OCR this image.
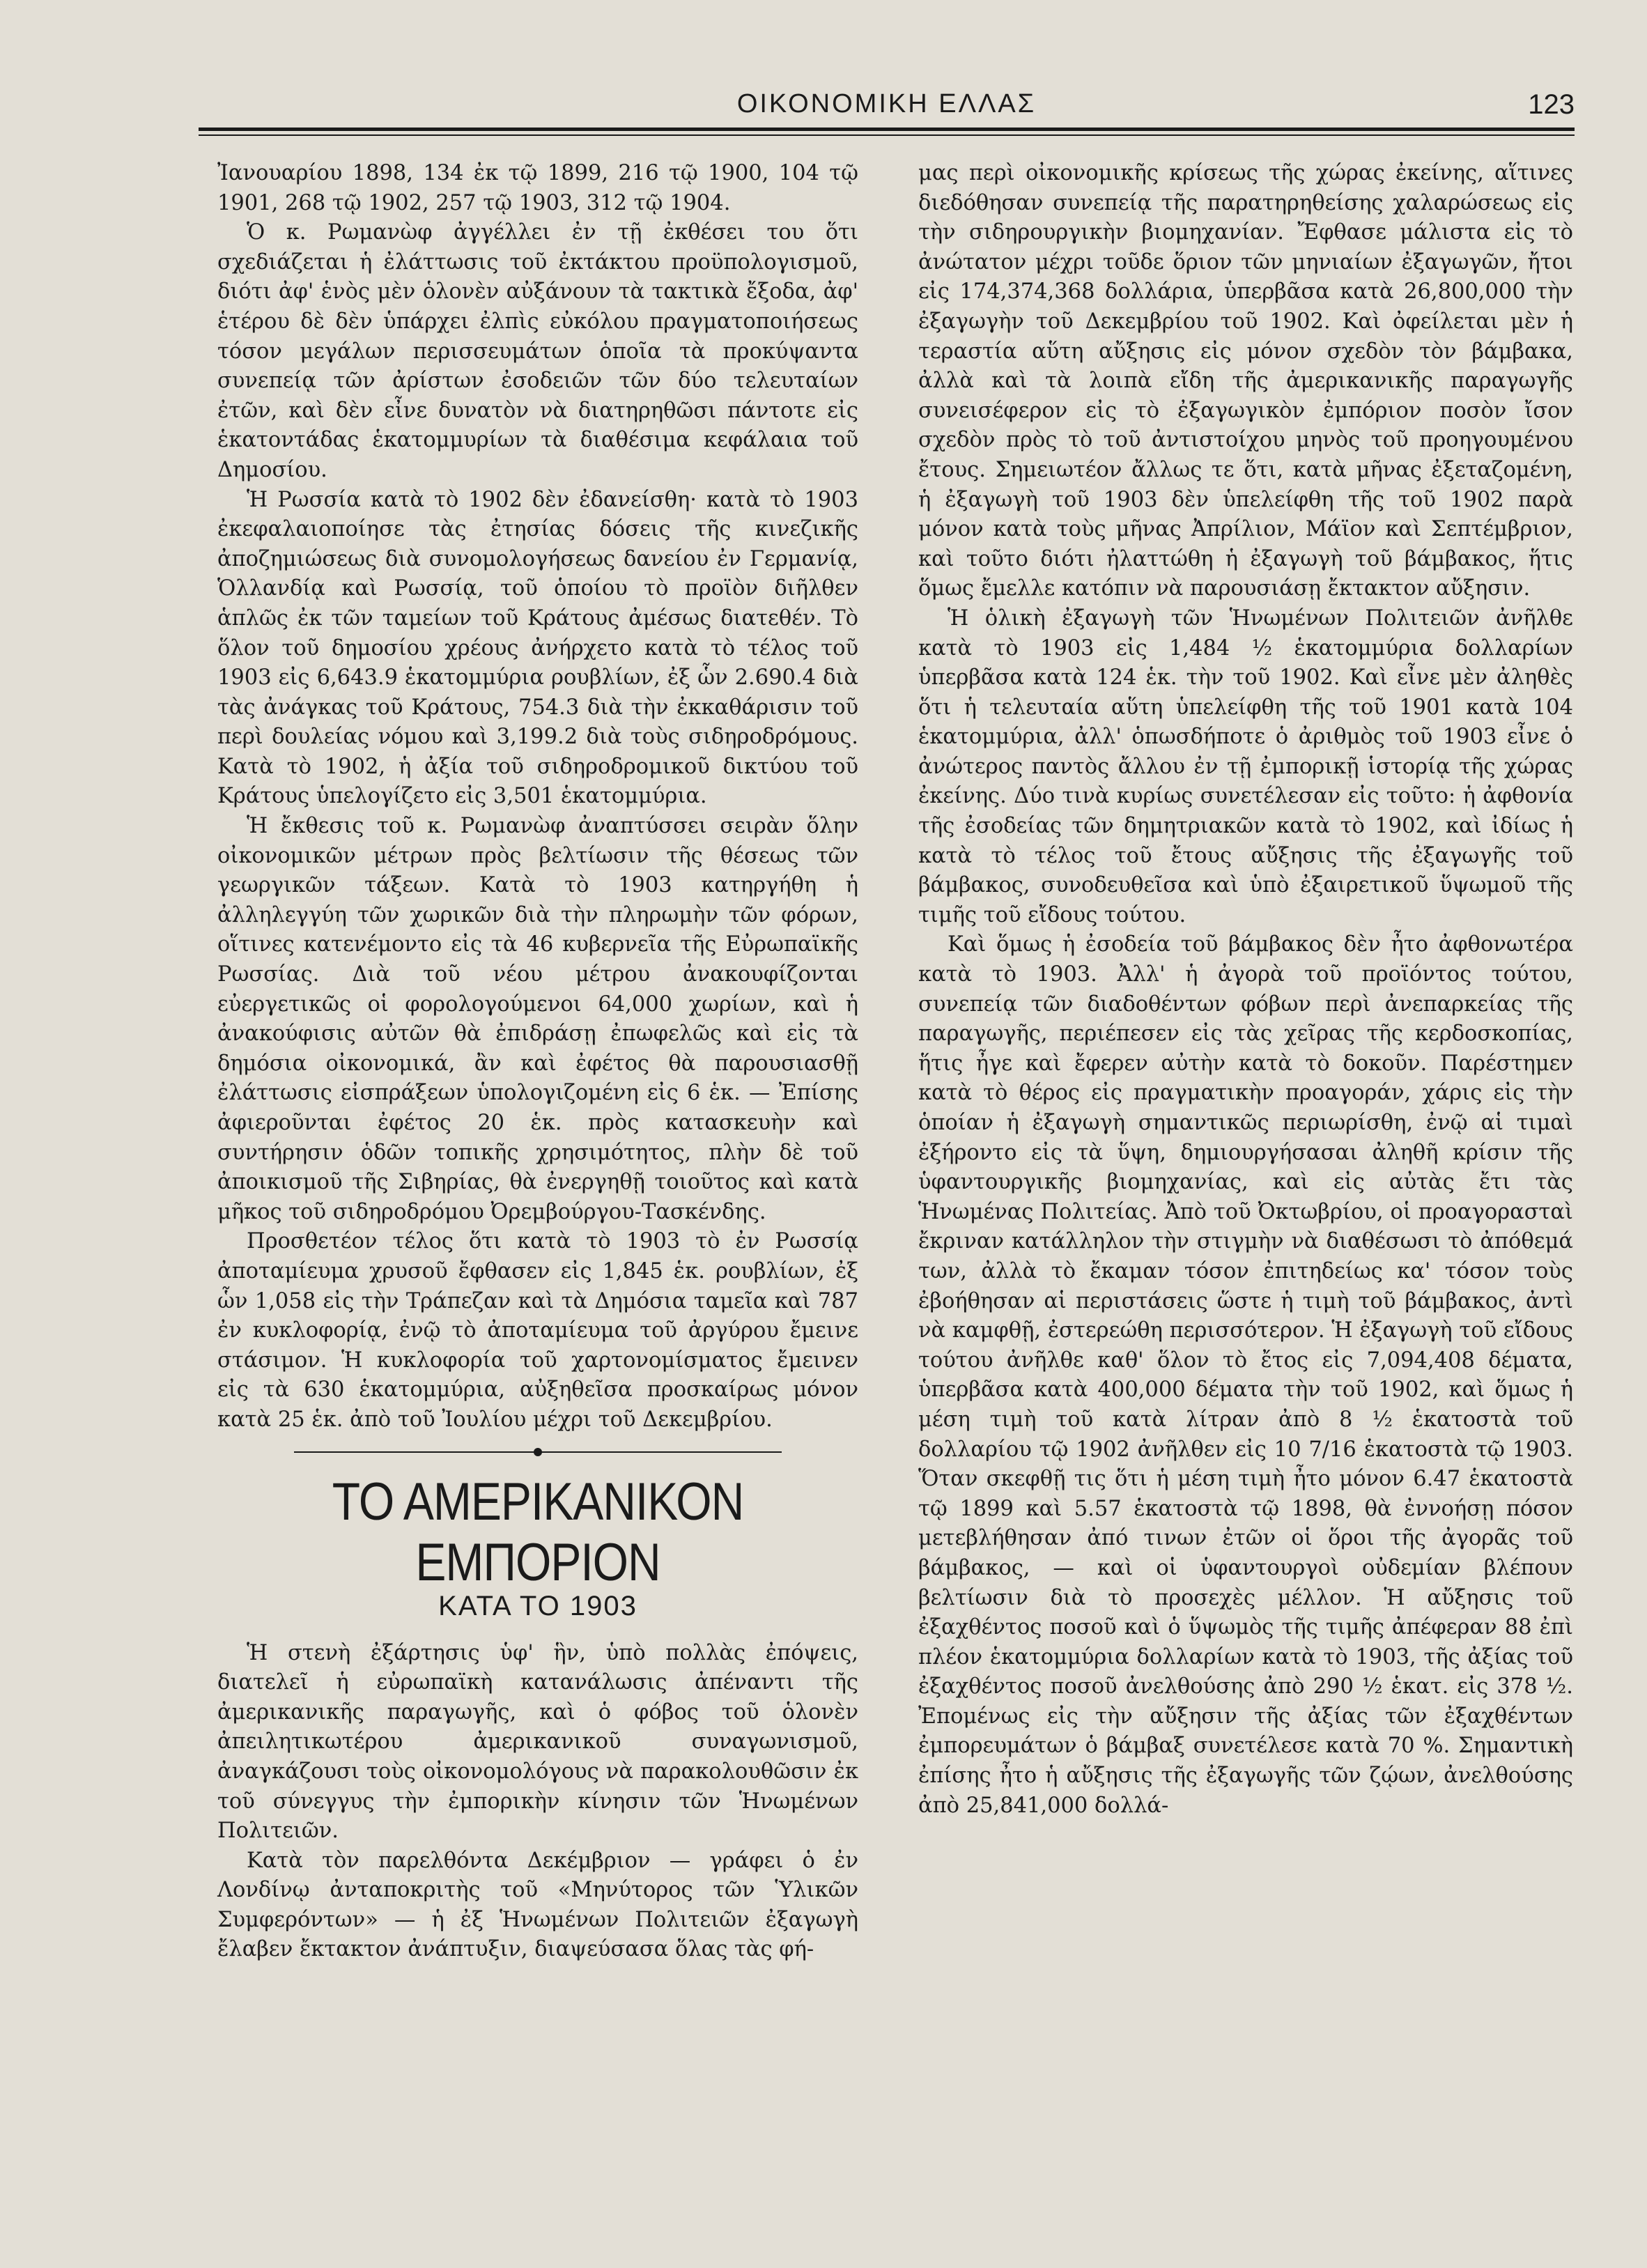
ΟΙΚΟΝΟΜΙΚΗ ΕΛΛΑΣ	123

Ἰανουαρίου 1898, 134 ἐκ τῷ 1899, 216 τῷ 1900, 104 τῷ 1901, 268 τῷ 1902, 257 τῷ 1903, 312 τῷ 1904.

Ὁ κ. Ρωμανὼφ ἀγγέλλει ἐν τῇ ἐκθέσει του ὅτι σχεδιάζεται ἡ ἐλάττωσις τοῦ ἐκτάκτου προϋπολογισμοῦ, διότι ἀφ' ἑνὸς μὲν ὁλονὲν αὐξάνουν τὰ τακτικὰ ἔξοδα, ἀφ' ἑτέρου δὲ δὲν ὑπάρχει ἐλπὶς εὐκόλου πραγματοποιήσεως τόσον μεγάλων περισσευμάτων ὁποῖα τὰ προκύψαντα συνεπείᾳ τῶν ἀρίστων ἐσοδειῶν τῶν δύο τελευταίων ἐτῶν, καὶ δὲν εἶνε δυνατὸν νὰ διατηρηθῶσι πάντοτε εἰς ἑκατοντάδας ἑκατομμυρίων τὰ διαθέσιμα κεφάλαια τοῦ Δημοσίου.

Ἡ Ρωσσία κατὰ τὸ 1902 δὲν ἐδανείσθη· κατὰ τὸ 1903 ἐκεφαλαιοποίησε τὰς ἐτησίας δόσεις τῆς κινεζικῆς ἀποζημιώσεως διὰ συνομολογήσεως δανείου ἐν Γερμανίᾳ, Ὁλλανδίᾳ καὶ Ρωσσίᾳ, τοῦ ὁποίου τὸ προϊὸν διῆλθεν ἁπλῶς ἐκ τῶν ταμείων τοῦ Κράτους ἀμέσως διατεθέν. Τὸ ὅλον τοῦ δημοσίου χρέους ἀνήρχετο κατὰ τὸ τέλος τοῦ 1903 εἰς 6,643.9 ἑκατομμύρια ρουβλίων, ἐξ ὧν 2.690.4 διὰ τὰς ἀνάγκας τοῦ Κράτους, 754.3 διὰ τὴν ἐκκαθάρισιν τοῦ περὶ δουλείας νόμου καὶ 3,199.2 διὰ τοὺς σιδηροδρόμους. Κατὰ τὸ 1902, ἡ ἀξία τοῦ σιδηροδρομικοῦ δικτύου τοῦ Κράτους ὑπελογίζετο εἰς 3,501 ἑκατομμύρια.

Ἡ ἔκθεσις τοῦ κ. Ρωμανὼφ ἀναπτύσσει σειρὰν ὅλην οἰκονομικῶν μέτρων πρὸς βελτίωσιν τῆς θέσεως τῶν γεωργικῶν τάξεων. Κατὰ τὸ 1903 κατηργήθη ἡ ἀλληλεγγύη τῶν χωρικῶν διὰ τὴν πληρωμὴν τῶν φόρων, οἵτινες κατενέμοντο εἰς τὰ 46 κυβερνεῖα τῆς Εὐρωπαϊκῆς Ρωσσίας. Διὰ τοῦ νέου μέτρου ἀνακουφίζονται εὐεργετικῶς οἱ φορολογούμενοι 64,000 χωρίων, καὶ ἡ ἀνακούφισις αὐτῶν θὰ ἐπιδράσῃ ἐπωφελῶς καὶ εἰς τὰ δημόσια οἰκονομικά, ἂν καὶ ἐφέτος θὰ παρουσιασθῇ ἐλάττωσις εἰσπράξεων ὑπολογιζομένη εἰς 6 ἑκ. — Ἐπίσης ἀφιεροῦνται ἐφέτος 20 ἑκ. πρὸς κατασκευὴν καὶ συντήρησιν ὁδῶν τοπικῆς χρησιμότητος, πλὴν δὲ τοῦ ἀποικισμοῦ τῆς Σιβηρίας, θὰ ἐνεργηθῇ τοιοῦτος καὶ κατὰ μῆκος τοῦ σιδηροδρόμου Ὀρεμβούργου-Τασκένδης.

Προσθετέον τέλος ὅτι κατὰ τὸ 1903 τὸ ἐν Ρωσσίᾳ ἀποταμίευμα χρυσοῦ ἔφθασεν εἰς 1,845 ἑκ. ρουβλίων, ἐξ ὧν 1,058 εἰς τὴν Τράπεζαν καὶ τὰ Δημόσια ταμεῖα καὶ 787 ἐν κυκλοφορίᾳ, ἐνῷ τὸ ἀποταμίευμα τοῦ ἀργύρου ἔμεινε στάσιμον. Ἡ κυκλοφορία τοῦ χαρτονομίσματος ἔμεινεν εἰς τὰ 630 ἑκατομμύρια, αὐξηθεῖσα προσκαίρως μόνον κατὰ 25 ἑκ. ἀπὸ τοῦ Ἰουλίου μέχρι τοῦ Δεκεμβρίου.

ΤΟ ΑΜΕΡΙΚΑΝΙΚΟΝ ΕΜΠΟΡΙΟΝ
ΚΑΤΑ ΤΟ 1903

Ἡ στενὴ ἐξάρτησις ὑφ' ἣν, ὑπὸ πολλὰς ἐπόψεις, διατελεῖ ἡ εὐρωπαϊκὴ κατανάλωσις ἀπέναντι τῆς ἀμερικανικῆς παραγωγῆς, καὶ ὁ φόβος τοῦ ὁλονὲν ἀπειλητικωτέρου ἀμερικανικοῦ συναγωνισμοῦ, ἀναγκάζουσι τοὺς οἰκονομολόγους νὰ παρακολουθῶσιν ἐκ τοῦ σύνεγγυς τὴν ἐμπορικὴν κίνησιν τῶν Ἡνωμένων Πολιτειῶν.

Κατὰ τὸν παρελθόντα Δεκέμβριον — γράφει ὁ ἐν Λονδίνῳ ἀνταποκριτὴς τοῦ «Μηνύτορος τῶν Ὑλικῶν Συμφερόντων» — ἡ ἐξ Ἡνωμένων Πολιτειῶν ἐξαγωγὴ ἔλαβεν ἔκτακτον ἀνάπτυξιν, διαψεύσασα ὅλας τὰς φή-

μας περὶ οἰκονομικῆς κρίσεως τῆς χώρας ἐκείνης, αἵτινες διεδόθησαν συνεπείᾳ τῆς παρατηρηθείσης χαλαρώσεως εἰς τὴν σιδηρουργικὴν βιομηχανίαν. Ἔφθασε μάλιστα εἰς τὸ ἀνώτατον μέχρι τοῦδε ὅριον τῶν μηνιαίων ἐξαγωγῶν, ἤτοι εἰς 174,374,368 δολλάρια, ὑπερβᾶσα κατὰ 26,800,000 τὴν ἐξαγωγὴν τοῦ Δεκεμβρίου τοῦ 1902. Καὶ ὀφείλεται μὲν ἡ τεραστία αὕτη αὔξησις εἰς μόνον σχεδὸν τὸν βάμβακα, ἀλλὰ καὶ τὰ λοιπὰ εἴδη τῆς ἀμερικανικῆς παραγωγῆς συνεισέφερον εἰς τὸ ἐξαγωγικὸν ἐμπόριον ποσὸν ἴσον σχεδὸν πρὸς τὸ τοῦ ἀντιστοίχου μηνὸς τοῦ προηγουμένου ἔτους. Σημειωτέον ἄλλως τε ὅτι, κατὰ μῆνας ἐξεταζομένη, ἡ ἐξαγωγὴ τοῦ 1903 δὲν ὑπελείφθη τῆς τοῦ 1902 παρὰ μόνον κατὰ τοὺς μῆνας Ἀπρίλιον, Μάϊον καὶ Σεπτέμβριον, καὶ τοῦτο διότι ἠλαττώθη ἡ ἐξαγωγὴ τοῦ βάμβακος, ἥτις ὅμως ἔμελλε κατόπιν νὰ παρουσιάσῃ ἔκτακτον αὔξησιν.

Ἡ ὁλικὴ ἐξαγωγὴ τῶν Ἡνωμένων Πολιτειῶν ἀνῆλθε κατὰ τὸ 1903 εἰς 1,484 ½ ἑκατομμύρια δολλαρίων ὑπερβᾶσα κατὰ 124 ἑκ. τὴν τοῦ 1902. Καὶ εἶνε μὲν ἀληθὲς ὅτι ἡ τελευταία αὕτη ὑπελείφθη τῆς τοῦ 1901 κατὰ 104 ἑκατομμύρια, ἀλλ' ὁπωσδήποτε ὁ ἀριθμὸς τοῦ 1903 εἶνε ὁ ἀνώτερος παντὸς ἄλλου ἐν τῇ ἐμπορικῇ ἱστορίᾳ τῆς χώρας ἐκείνης. Δύο τινὰ κυρίως συνετέλεσαν εἰς τοῦτο: ἡ ἀφθονία τῆς ἐσοδείας τῶν δημητριακῶν κατὰ τὸ 1902, καὶ ἰδίως ἡ κατὰ τὸ τέλος τοῦ ἔτους αὔξησις τῆς ἐξαγωγῆς τοῦ βάμβακος, συνοδευθεῖσα καὶ ὑπὸ ἐξαιρετικοῦ ὕψωμοῦ τῆς τιμῆς τοῦ εἴδους τούτου.

Καὶ ὅμως ἡ ἐσοδεία τοῦ βάμβακος δὲν ἦτο ἀφθονωτέρα κατὰ τὸ 1903. Ἀλλ' ἡ ἀγορὰ τοῦ προϊόντος τούτου, συνεπείᾳ τῶν διαδοθέντων φόβων περὶ ἀνεπαρκείας τῆς παραγωγῆς, περιέπεσεν εἰς τὰς χεῖρας τῆς κερδοσκοπίας, ἥτις ἦγε καὶ ἔφερεν αὐτὴν κατὰ τὸ δοκοῦν. Παρέστημεν κατὰ τὸ θέρος εἰς πραγματικὴν προαγοράν, χάρις εἰς τὴν ὁποίαν ἡ ἐξαγωγὴ σημαντικῶς περιωρίσθη, ἐνῷ αἱ τιμαὶ ἐξήροντο εἰς τὰ ὕψη, δημιουργήσασαι ἀληθῆ κρίσιν τῆς ὑφαντουργικῆς βιομηχανίας, καὶ εἰς αὐτὰς ἔτι τὰς Ἡνωμένας Πολιτείας. Ἀπὸ τοῦ Ὀκτωβρίου, οἱ προαγορασταὶ ἔκριναν κατάλληλον τὴν στιγμὴν νὰ διαθέσωσι τὸ ἀπόθεμά των, ἀλλὰ τὸ ἔκαμαν τόσον ἐπιτηδείως κα' τόσον τοὺς ἐβοήθησαν αἱ περιστάσεις ὥστε ἡ τιμὴ τοῦ βάμβακος, ἀντὶ νὰ καμφθῇ, ἐστερεώθη περισσότερον. Ἡ ἐξαγωγὴ τοῦ εἴδους τούτου ἀνῆλθε καθ' ὅλον τὸ ἔτος εἰς 7,094,408 δέματα, ὑπερβᾶσα κατὰ 400,000 δέματα τὴν τοῦ 1902, καὶ ὅμως ἡ μέση τιμὴ τοῦ κατὰ λίτραν ἀπὸ 8 ½ ἑκατοστὰ τοῦ δολλαρίου τῷ 1902 ἀνῆλθεν εἰς 10 7/16 ἑκατοστὰ τῷ 1903. Ὅταν σκεφθῇ τις ὅτι ἡ μέση τιμὴ ἦτο μόνον 6.47 ἑκατοστὰ τῷ 1899 καὶ 5.57 ἑκατοστὰ τῷ 1898, θὰ ἐννοήσῃ πόσον μετεβλήθησαν ἀπό τινων ἐτῶν οἱ ὅροι τῆς ἀγορᾶς τοῦ βάμβακος, — καὶ οἱ ὑφαντουργοὶ οὐδεμίαν βλέπουν βελτίωσιν διὰ τὸ προσεχὲς μέλλον. Ἡ αὔξησις τοῦ ἐξαχθέντος ποσοῦ καὶ ὁ ὕψωμὸς τῆς τιμῆς ἀπέφεραν 88 ἐπὶ πλέον ἑκατομμύρια δολλαρίων κατὰ τὸ 1903, τῆς ἀξίας τοῦ ἐξαχθέντος ποσοῦ ἀνελθούσης ἀπὸ 290 ½ ἑκατ. εἰς 378 ½. Ἐπομένως εἰς τὴν αὔξησιν τῆς ἀξίας τῶν ἐξαχθέντων ἐμπορευμάτων ὁ βάμβαξ συνετέλεσε κατὰ 70 %. Σημαντικὴ ἐπίσης ἦτο ἡ αὔξησις τῆς ἐξαγωγῆς τῶν ζῴων, ἀνελθούσης ἀπὸ 25,841,000 δολλά-
